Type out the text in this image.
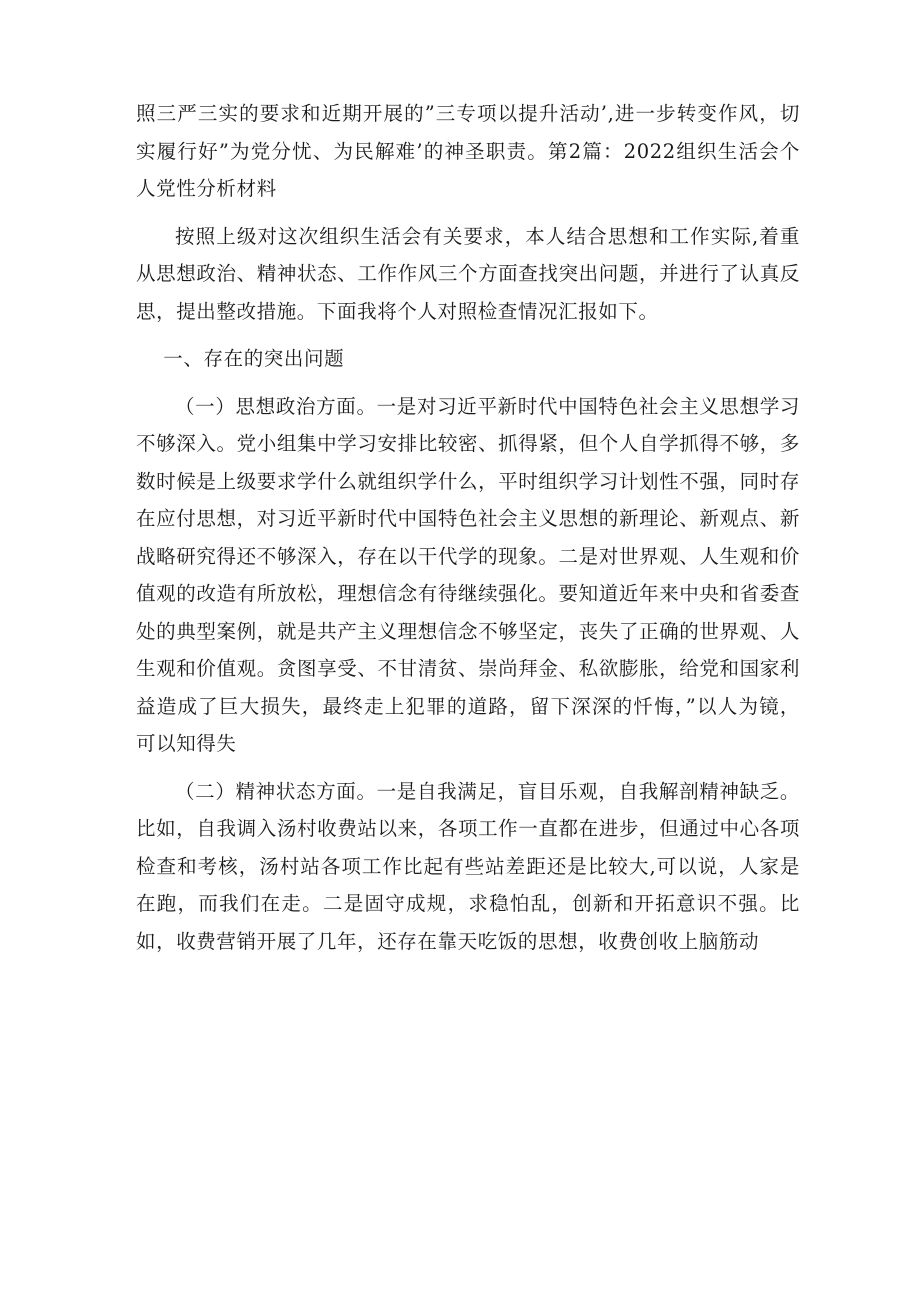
照三严三实的要求和近期开展的”三专项以提升活动’,进一步转变作风，切实履行好”为党分忧、为民解难’的神圣职责。第2篇：2022组织生活会个人党性分析材料

按照上级对这次组织生活会有关要求，本人结合思想和工作实际,着重从思想政治、精神状态、工作作风三个方面查找突出问题，并进行了认真反思，提出整改措施。下面我将个人对照检查情况汇报如下。

一、存在的突出问题

（一）思想政治方面。一是对习近平新时代中国特色社会主义思想学习不够深入。党小组集中学习安排比较密、抓得紧，但个人自学抓得不够，多数时候是上级要求学什么就组织学什么，平时组织学习计划性不强，同时存在应付思想，对习近平新时代中国特色社会主义思想的新理论、新观点、新战略研究得还不够深入，存在以干代学的现象。二是对世界观、人生观和价值观的改造有所放松，理想信念有待继续强化。要知道近年来中央和省委查处的典型案例，就是共产主义理想信念不够坚定，丧失了正确的世界观、人生观和价值观。贪图享受、不甘清贫、崇尚拜金、私欲膨胀，给党和国家利益造成了巨大损失，最终走上犯罪的道路，留下深深的忏悔，”以人为镜，可以知得失

（二）精神状态方面。一是自我满足，盲目乐观，自我解剖精神缺乏。比如，自我调入汤村收费站以来，各项工作一直都在进步，但通过中心各项检查和考核，汤村站各项工作比起有些站差距还是比较大,可以说，人家是在跑，而我们在走。二是固守成规，求稳怕乱，创新和开拓意识不强。比如，收费营销开展了几年，还存在靠天吃饭的思想，收费创收上脑筋动
